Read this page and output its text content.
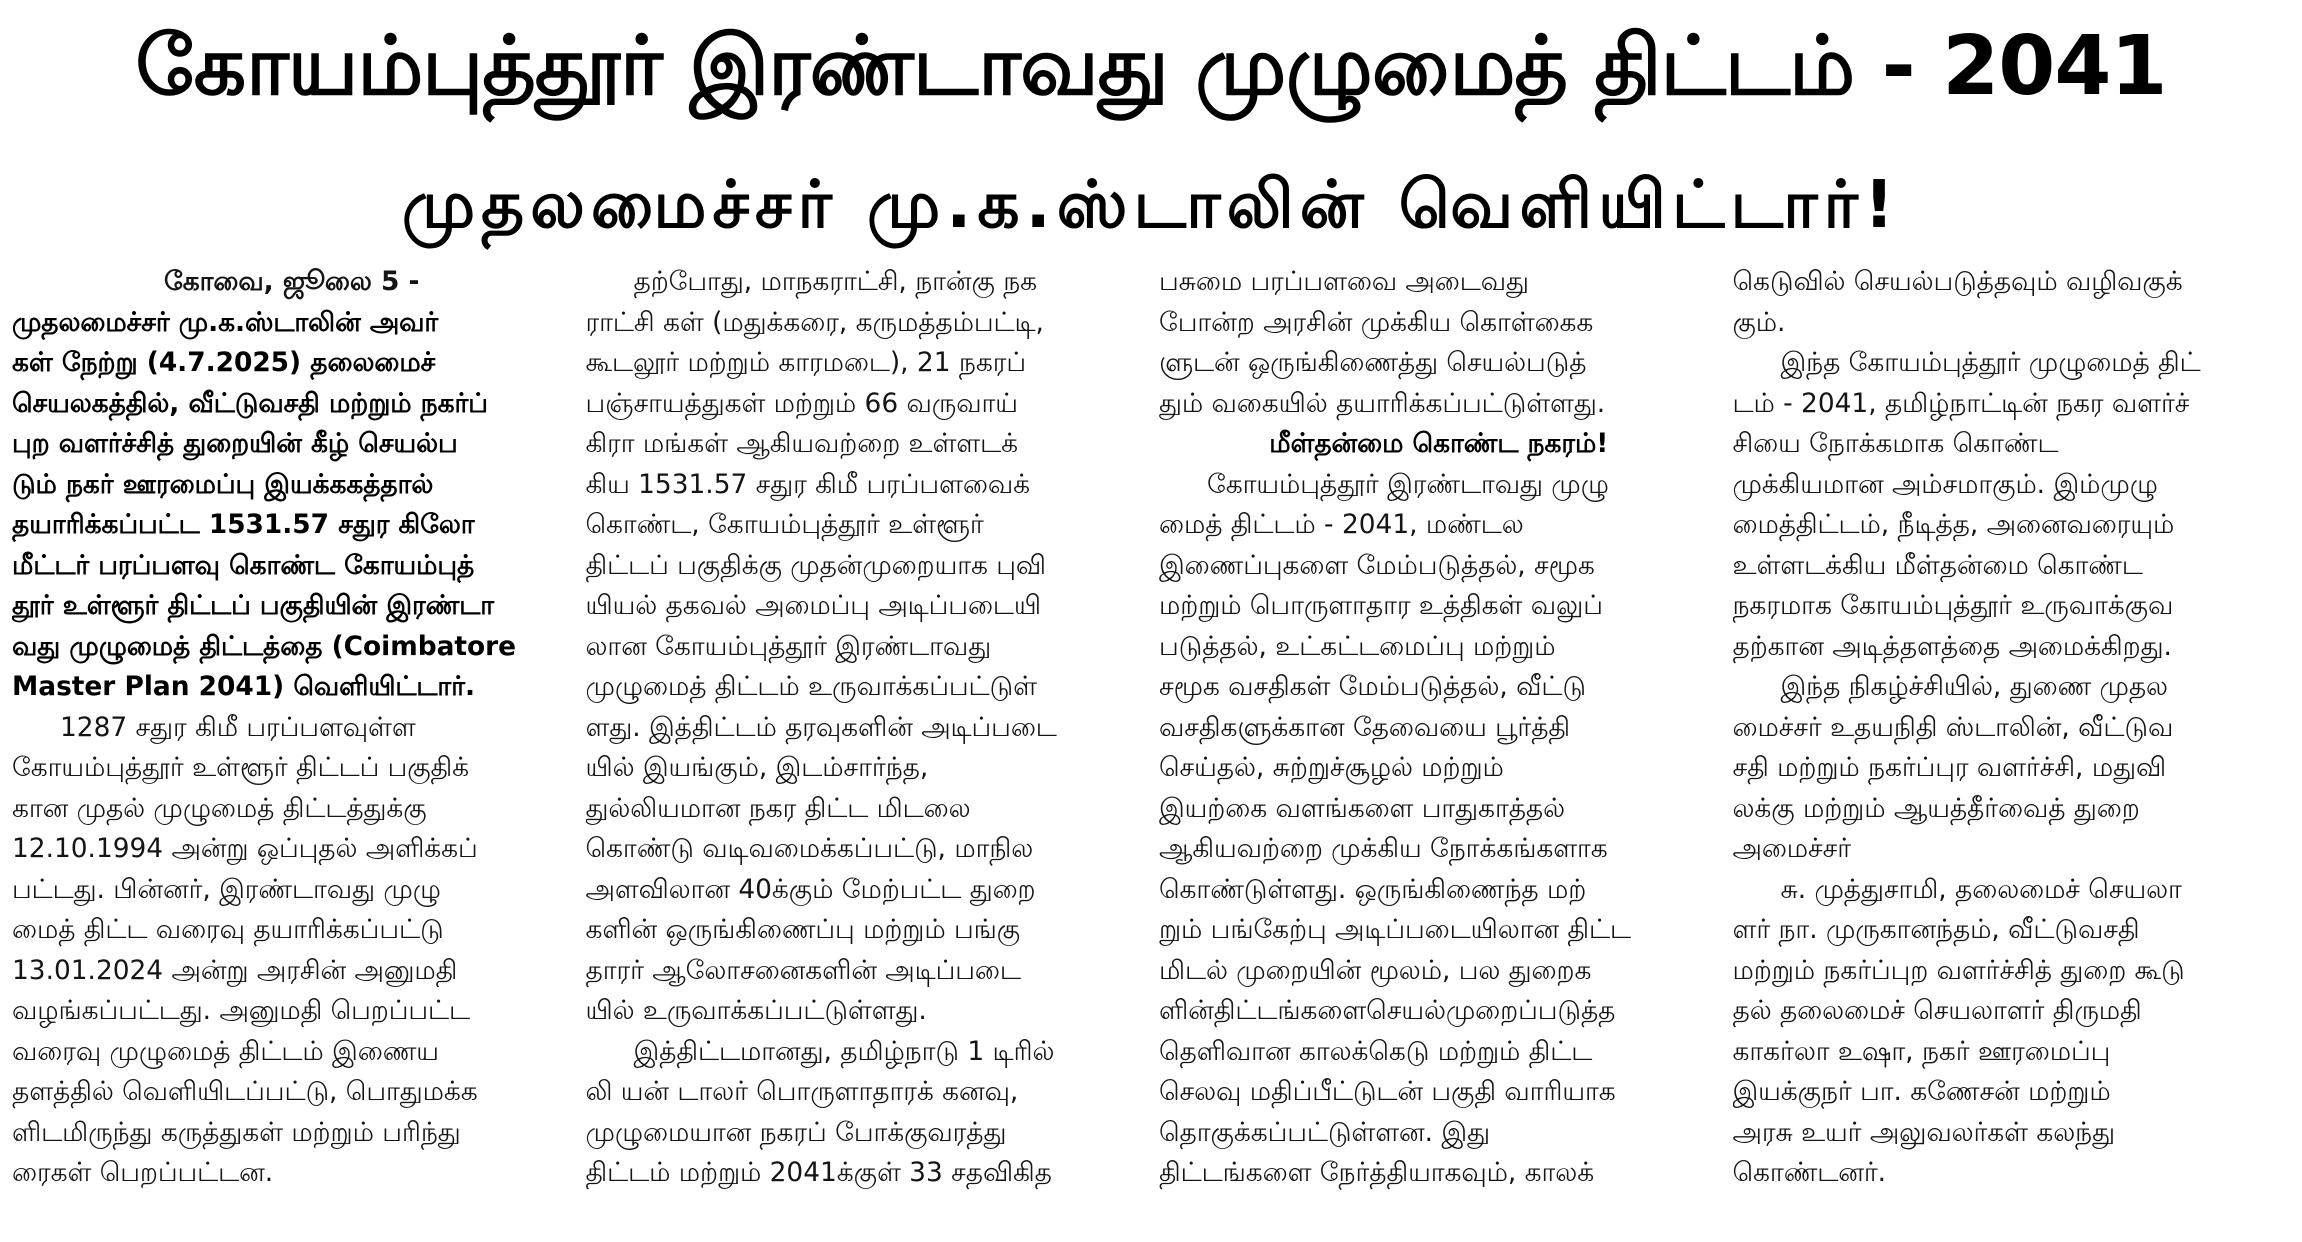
கோயம்புத்தூர் இரண்டாவது முழுமைத் திட்டம் - 2041
முதலமைச்சர் மு.க.ஸ்டாலின் வெளியிட்டார்!
கோவை, ஜூலை 5 -
முதலமைச்சர் மு.க.ஸ்டாலின் அவர்
கள் நேற்று (4.7.2025) தலைமைச்
செயலகத்தில், வீட்டுவசதி மற்றும் நகர்ப்
புற வளர்ச்சித் துறையின் கீழ் செயல்ப
டும் நகர் ஊரமைப்பு இயக்ககத்தால்
தயாரிக்கப்பட்ட 1531.57 சதுர கிலோ
மீட்டர் பரப்பளவு கொண்ட கோயம்புத்
தூர் உள்ளூர் திட்டப் பகுதியின் இரண்டா
வது முழுமைத் திட்டத்தை (Coimbatore
Master Plan 2041) வெளியிட்டார்.
1287 சதுர கிமீ பரப்பளவுள்ள
கோயம்புத்தூர் உள்ளூர் திட்டப் பகுதிக்
கான முதல் முழுமைத் திட்டத்துக்கு
12.10.1994 அன்று ஒப்புதல் அளிக்கப்
பட்டது. பின்னர், இரண்டாவது முழு
மைத் திட்ட வரைவு தயாரிக்கப்பட்டு
13.01.2024 அன்று அரசின் அனுமதி
வழங்கப்பட்டது. அனுமதி பெறப்பட்ட
வரைவு முழுமைத் திட்டம் இணைய
தளத்தில் வெளியிடப்பட்டு, பொதுமக்க
ளிடமிருந்து கருத்துகள் மற்றும் பரிந்து
ரைகள் பெறப்பட்டன.
தற்போது, மாநகராட்சி, நான்கு நக
ராட்சி கள் (மதுக்கரை, கருமத்தம்பட்டி,
கூடலூர் மற்றும் காரமடை), 21 நகரப்
பஞ்சாயத்துகள் மற்றும் 66 வருவாய்
கிரா மங்கள் ஆகியவற்றை உள்ளடக்
கிய 1531.57 சதுர கிமீ பரப்பளவைக்
கொண்ட, கோயம்புத்தூர் உள்ளூர்
திட்டப் பகுதிக்கு முதன்முறையாக புவி
யியல் தகவல் அமைப்பு அடிப்படையி
லான கோயம்புத்தூர் இரண்டாவது
முழுமைத் திட்டம் உருவாக்கப்பட்டுள்
ளது. இத்திட்டம் தரவுகளின் அடிப்படை
யில் இயங்கும், இடம்சார்ந்த,
துல்லியமான நகர திட்ட மிடலை
கொண்டு வடிவமைக்கப்பட்டு, மாநில
அளவிலான 40க்கும் மேற்பட்ட துறை
களின் ஒருங்கிணைப்பு மற்றும் பங்கு
தாரர் ஆலோசனைகளின் அடிப்படை
யில் உருவாக்கப்பட்டுள்ளது.
இத்திட்டமானது, தமிழ்நாடு 1 டிரில்
லி யன் டாலர் பொருளாதாரக் கனவு,
முழுமையான நகரப் போக்குவரத்து
திட்டம் மற்றும் 2041க்குள் 33 சதவிகித
பசுமை பரப்பளவை அடைவது
போன்ற அரசின் முக்கிய கொள்கைக
ளுடன் ஒருங்கிணைத்து செயல்படுத்
தும் வகையில் தயாரிக்கப்பட்டுள்ளது.
மீள்தன்மை கொண்ட நகரம்!
கோயம்புத்தூர் இரண்டாவது முழு
மைத் திட்டம் - 2041, மண்டல
இணைப்புகளை மேம்படுத்தல், சமூக
மற்றும் பொருளாதார உத்திகள் வலுப்
படுத்தல், உட்கட்டமைப்பு மற்றும்
சமூக வசதிகள் மேம்படுத்தல், வீட்டு
வசதிகளுக்கான தேவையை பூர்த்தி
செய்தல், சுற்றுச்சூழல் மற்றும்
இயற்கை வளங்களை பாதுகாத்தல்
ஆகியவற்றை முக்கிய நோக்கங்களாக
கொண்டுள்ளது. ஒருங்கிணைந்த மற்
றும் பங்கேற்பு அடிப்படையிலான திட்ட
மிடல் முறையின் மூலம், பல துறைக
ளின்திட்டங்களைசெயல்முறைப்படுத்த
தெளிவான காலக்கெடு மற்றும் திட்ட
செலவு மதிப்பீட்டுடன் பகுதி வாரியாக
தொகுக்கப்பட்டுள்ளன. இது
திட்டங்களை நேர்த்தியாகவும், காலக்
கெடுவில் செயல்படுத்தவும் வழிவகுக்
கும்.
இந்த கோயம்புத்தூர் முழுமைத் திட்
டம் - 2041, தமிழ்நாட்டின் நகர வளர்ச்
சியை நோக்கமாக கொண்ட
முக்கியமான அம்சமாகும். இம்முழு
மைத்திட்டம், நீடித்த, அனைவரையும்
உள்ளடக்கிய மீள்தன்மை கொண்ட
நகரமாக கோயம்புத்தூர் உருவாக்குவ
தற்கான அடித்தளத்தை அமைக்கிறது.
இந்த நிகழ்ச்சியில், துணை முதல
மைச்சர் உதயநிதி ஸ்டாலின், வீட்டுவ
சதி மற்றும் நகர்ப்புர வளர்ச்சி, மதுவி
லக்கு மற்றும் ஆயத்தீர்வைத் துறை
அமைச்சர்
சு. முத்துசாமி, தலைமைச் செயலா
ளர் நா. முருகானந்தம், வீட்டுவசதி
மற்றும் நகர்ப்புற வளர்ச்சித் துறை கூடு
தல் தலைமைச் செயலாளர் திருமதி
காகர்லா உஷா, நகர் ஊரமைப்பு
இயக்குநர் பா. கணேசன் மற்றும்
அரசு உயர் அலுவலர்கள் கலந்து
கொண்டனர்.
